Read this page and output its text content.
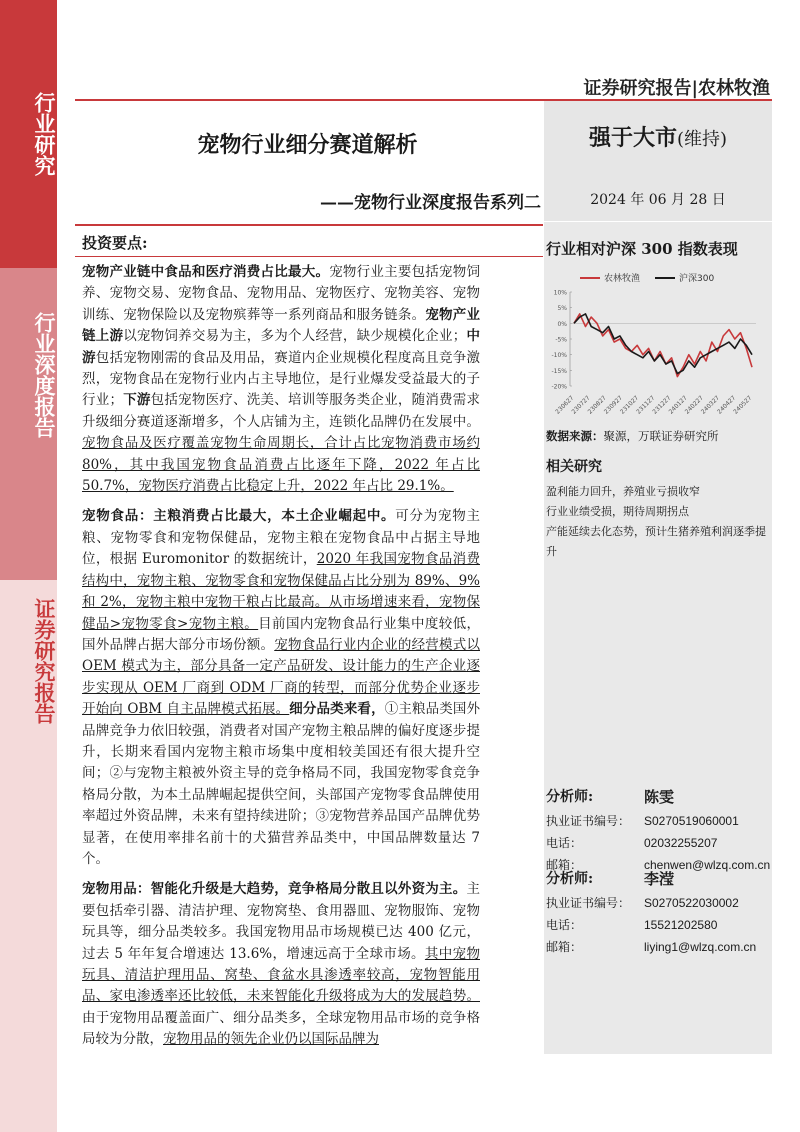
行业研究
行业深度报告
证券研究报告
证券研究报告|农林牧渔
宠物行业细分赛道解析
——宠物行业深度报告系列二
强于大市(维持)
2024 年 06 月 28 日
投资要点:

宠物产业链中食品和医疗消费占比最大。宠物行业主要包括宠物饲养、宠物交易、宠物食品、宠物用品、宠物医疗、宠物美容、宠物训练、宠物保险以及宠物殡葬等一系列商品和服务链条。宠物产业链上游以宠物饲养交易为主，多为个人经营，缺少规模化企业；中游包括宠物刚需的食品及用品，赛道内企业规模化程度高且竞争激烈，宠物食品在宠物行业内占主导地位，是行业爆发受益最大的子行业；下游包括宠物医疗、洗美、培训等服务类企业，随消费需求升级细分赛道逐渐增多，个人店铺为主，连锁化品牌仍在发展中。宠物食品及医疗覆盖宠物生命周期长，合计占比宠物消费市场约 80%，其中我国宠物食品消费占比逐年下降，2022 年占比 50.7%，宠物医疗消费占比稳定上升，2022 年占比 29.1%。

宠物食品：主粮消费占比最大，本土企业崛起中。可分为宠物主粮、宠物零食和宠物保健品，宠物主粮在宠物食品中占据主导地位，根据 Euromonitor 的数据统计，2020 年我国宠物食品消费结构中，宠物主粮、宠物零食和宠物保健品占比分别为 89%、9%和 2%，宠物主粮中宠物干粮占比最高。从市场增速来看，宠物保健品>宠物零食>宠物主粮。目前国内宠物食品行业集中度较低，国外品牌占据大部分市场份额。宠物食品行业内企业的经营模式以 OEM 模式为主，部分具备一定产品研发、设计能力的生产企业逐步实现从 OEM 厂商到 ODM 厂商的转型，而部分优势企业逐步开始向 OBM 自主品牌模式拓展。细分品类来看，①主粮品类国外品牌竞争力依旧较强，消费者对国产宠物主粮品牌的偏好度逐步提升，长期来看国内宠物主粮市场集中度相较美国还有很大提升空间；②与宠物主粮被外资主导的竞争格局不同，我国宠物零食竞争格局分散，为本土品牌崛起提供空间，头部国产宠物零食品牌使用率超过外资品牌，未来有望持续进阶；③宠物营养品国产品牌优势显著，在使用率排名前十的犬猫营养品类中，中国品牌数量达 7 个。

宠物用品：智能化升级是大趋势，竞争格局分散且以外资为主。主要包括牵引器、清洁护理、宠物窝垫、食用器皿、宠物服饰、宠物玩具等，细分品类较多。我国宠物用品市场规模已达 400 亿元，过去 5 年年复合增速达 13.6%，增速远高于全球市场。其中宠物玩具、清洁护理用品、窝垫、食盆水具渗透率较高，宠物智能用品、家电渗透率还比较低，未来智能化升级将成为大的发展趋势。由于宠物用品覆盖面广、细分品类多，全球宠物用品市场的竞争格局较为分散，宠物用品的领先企业仍以国际品牌为

行业相对沪深 300 指数表现
农林牧渔	沪深300
10%
5%
0%
-5%
-10%
-15%
-20%
230627
230727
230827
230927
231027
231127
231227
240127
240227
240327
240427
240527
数据来源：聚源，万联证券研究所
相关研究
盈利能力回升，养殖业亏损收窄
行业业绩受损，期待周期拐点
产能延续去化态势，预计生猪养殖利润逐季提升
分析师:	陈雯
执业证书编号： S0270519060001
电话：	02032255207
邮箱：	chenwen@wlzq.com.cn
分析师:	李滢
执业证书编号： S0270522030002
电话：	15521202580
邮箱：	liying1@wlzq.com.cn
